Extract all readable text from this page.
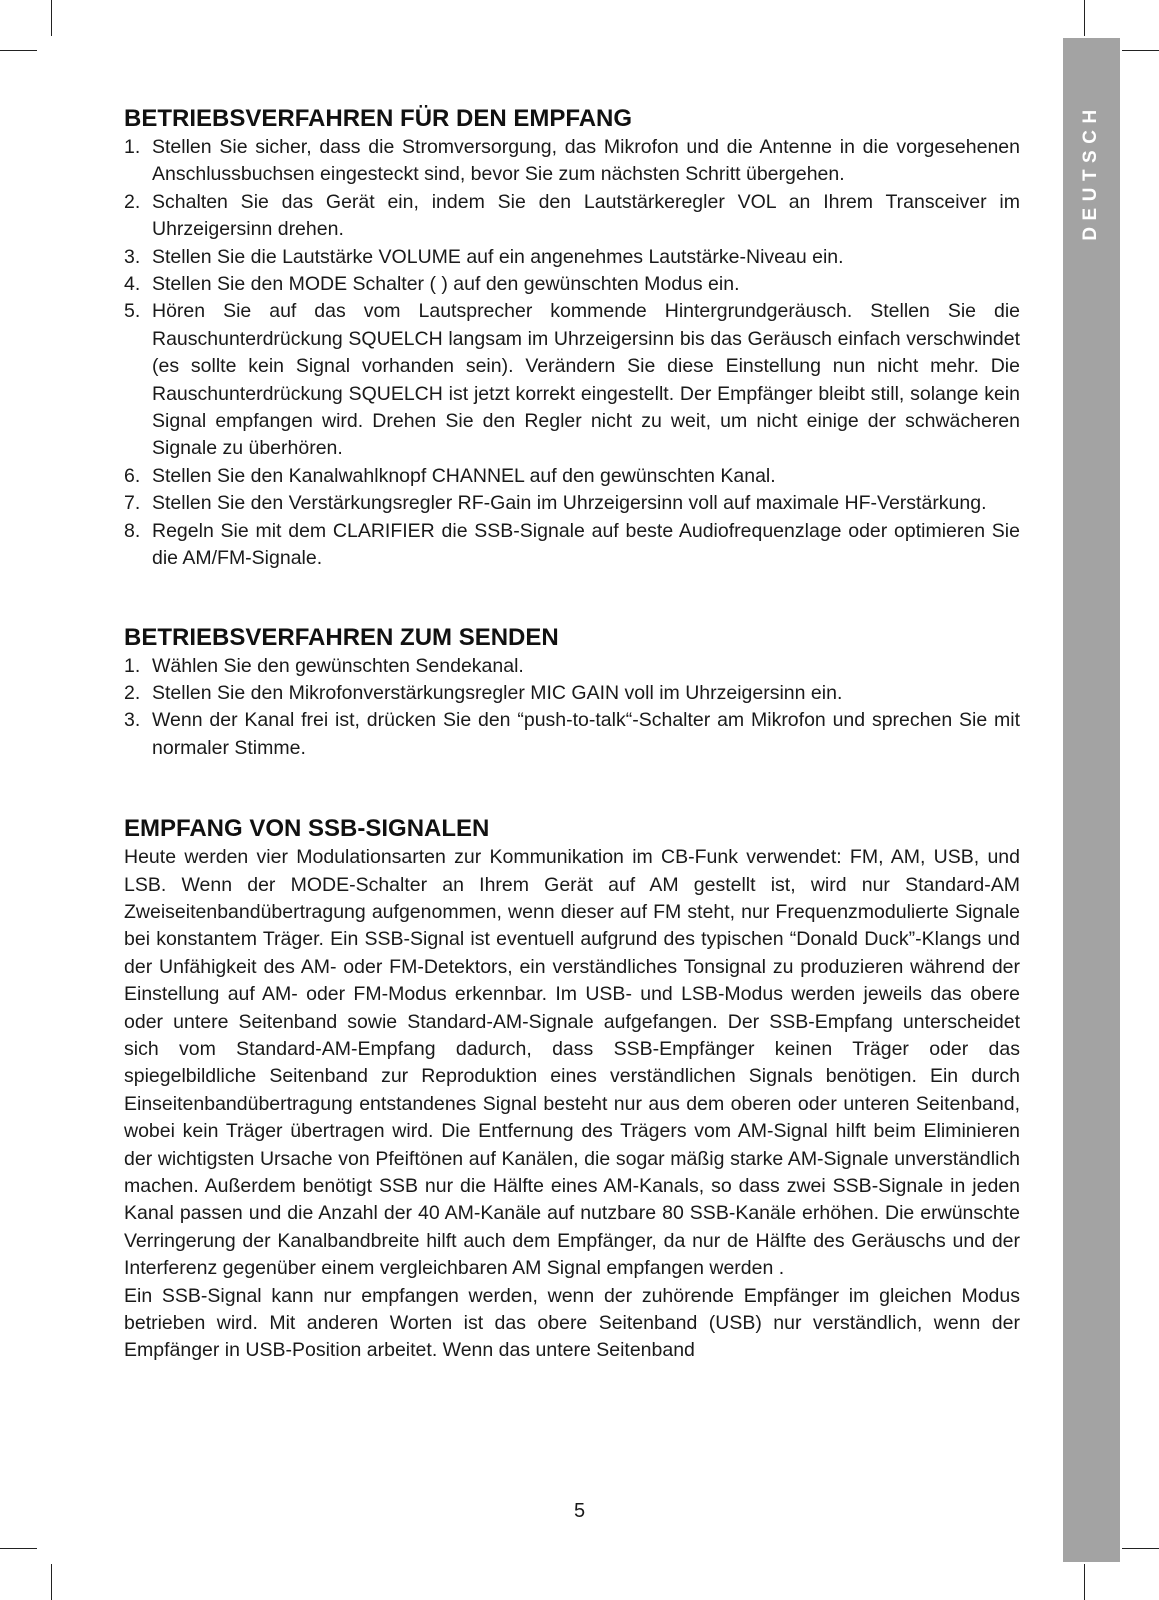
DEUTSCH
BETRIEBSVERFAHREN FÜR DEN EMPFANG
1. Stellen Sie sicher, dass die Stromversorgung, das Mikrofon und die Antenne in die vorgesehenen Anschlussbuchsen eingesteckt sind, bevor Sie zum nächsten Schritt übergehen.
2. Schalten Sie das Gerät ein, indem Sie den Lautstärkeregler VOL an Ihrem Transceiver im Uhrzeigersinn drehen.
3. Stellen Sie die Lautstärke VOLUME auf ein angenehmes Lautstärke-Niveau ein.
4. Stellen Sie den MODE Schalter ( ) auf den gewünschten Modus ein.
5. Hören Sie auf das vom Lautsprecher kommende Hintergrundgeräusch. Stellen Sie die Rauschunterdrückung SQUELCH langsam im Uhrzeigersinn bis das Geräusch einfach verschwindet (es sollte kein Signal vorhanden sein). Verändern Sie diese Einstellung nun nicht mehr. Die Rauschunterdrückung SQUELCH ist jetzt korrekt eingestellt. Der Empfänger bleibt still, solange kein Signal empfangen wird. Drehen Sie den Regler nicht zu weit, um nicht einige der schwächeren Signale zu überhören.
6. Stellen Sie den Kanalwahlknopf CHANNEL auf den gewünschten Kanal.
7. Stellen Sie den Verstärkungsregler RF-Gain im Uhrzeigersinn voll auf maximale HF-Verstärkung.
8. Regeln Sie mit dem CLARIFIER die SSB-Signale auf beste Audiofrequenzlage oder optimieren Sie die AM/FM-Signale.
BETRIEBSVERFAHREN ZUM SENDEN
1. Wählen Sie den gewünschten Sendekanal.
2. Stellen Sie den Mikrofonverstärkungsregler MIC GAIN voll im Uhrzeigersinn ein.
3. Wenn der Kanal frei ist, drücken Sie den “push-to-talk“-Schalter am Mikrofon und sprechen Sie mit normaler Stimme.
EMPFANG VON SSB-SIGNALEN

Heute werden vier Modulationsarten zur Kommunikation im CB-Funk verwendet: FM, AM, USB, und LSB. Wenn der MODE-Schalter an Ihrem Gerät auf AM gestellt ist, wird nur Standard-AM Zweiseitenbandübertragung aufgenommen, wenn dieser auf FM steht, nur Frequenzmodulierte Signale bei konstantem Träger. Ein SSB-Signal ist eventuell aufgrund des typischen “Donald Duck”-Klangs und der Unfähigkeit des AM- oder FM-Detektors, ein verständliches Tonsignal zu produzieren während der Einstellung auf AM- oder FM-Modus erkennbar. Im USB- und LSB-Modus werden jeweils das obere oder untere Seitenband sowie Standard-AM-Signale aufgefangen. Der SSB-Empfang unterscheidet sich vom Standard-AM-Empfang dadurch, dass SSB-Empfänger keinen Träger oder das spiegelbildliche Seitenband zur Reproduktion eines verständlichen Signals benötigen. Ein durch Einseitenbandübertragung entstandenes Signal besteht nur aus dem oberen oder unteren Seitenband, wobei kein Träger übertragen wird. Die Entfernung des Trägers vom AM-Signal hilft beim Eliminieren der wichtigsten Ursache von Pfeiftönen auf Kanälen, die sogar mäßig starke AM-Signale unverständlich machen. Außerdem benötigt SSB nur die Hälfte eines AM-Kanals, so dass zwei SSB-Signale in jeden Kanal passen und die Anzahl der 40 AM-Kanäle auf nutzbare 80 SSB-Kanäle erhöhen. Die erwünschte Verringerung der Kanalbandbreite hilft auch dem Empfänger, da nur de Hälfte des Geräuschs und der Interferenz gegenüber einem vergleichbaren AM Signal empfangen werden .

Ein SSB-Signal kann nur empfangen werden, wenn der zuhörende Empfänger im gleichen Modus betrieben wird. Mit anderen Worten ist das obere Seitenband (USB) nur verständlich, wenn der Empfänger in USB-Position arbeitet. Wenn das untere Seitenband

5
